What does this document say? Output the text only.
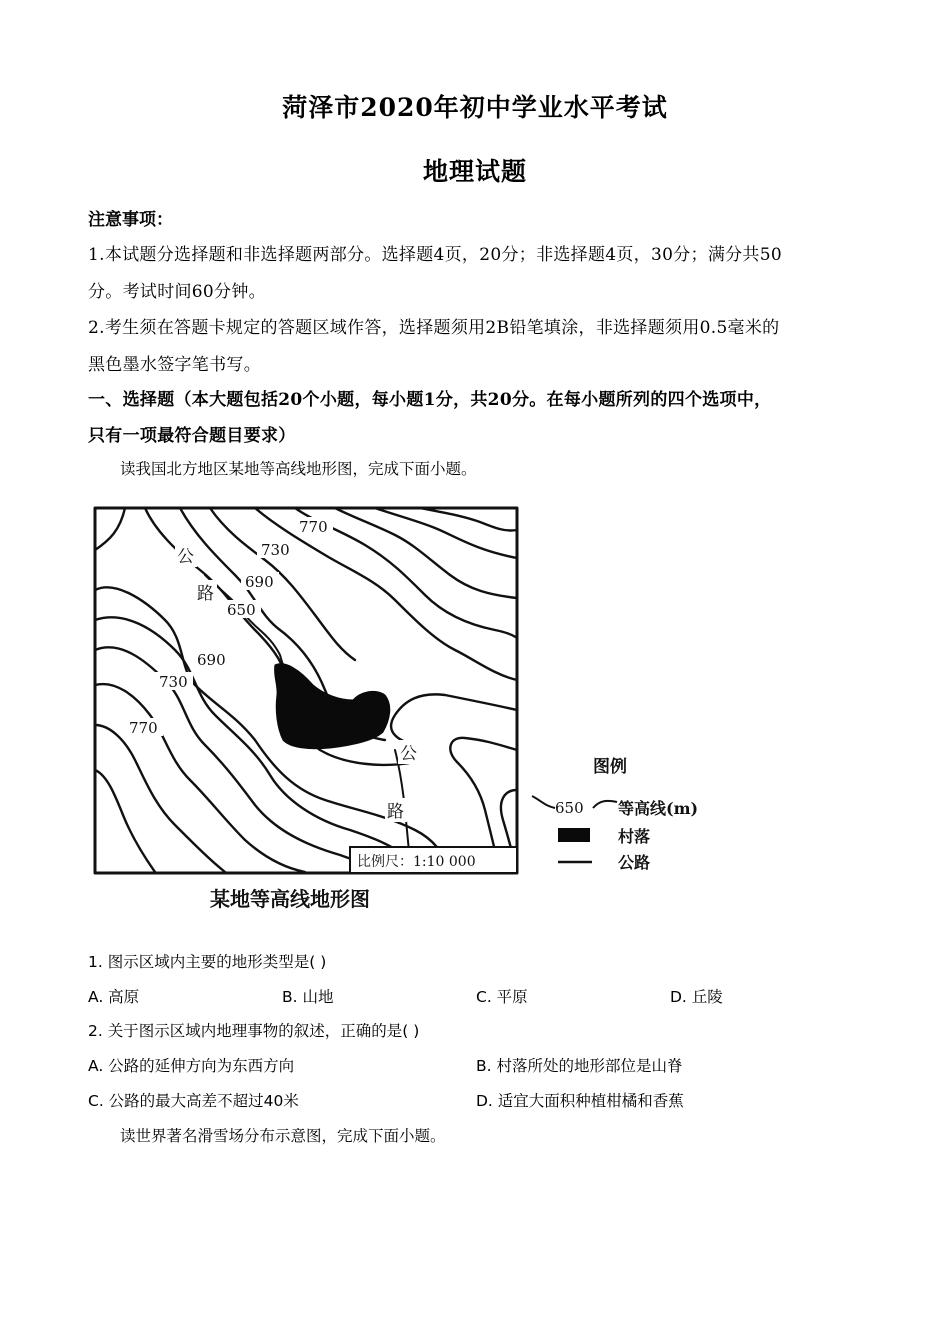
菏泽市2020年初中学业水平考试
地理试题
注意事项：
1.本试题分选择题和非选择题两部分。选择题4页，20分；非选择题4页，30分；满分共50
分。考试时间60分钟。
2.考生须在答题卡规定的答题区域作答，选择题须用2B铅笔填涂，非选择题须用0.5毫米的
黑色墨水签字笔书写。
一、选择题（本大题包括20个小题，每小题1分，共20分。在每小题所列的四个选项中，
只有一项最符合题目要求）
读我国北方地区某地等高线地形图，完成下面小题。
770
730
690
650
690
730
770
公
路
公
路
比例尺：1:10 000
某地等高线地形图
图例
650 等高线(m)
村落
公路
1. 图示区域内主要的地形类型是( )
A. 高原	B. 山地	C. 平原	D. 丘陵
2. 关于图示区域内地理事物的叙述，正确的是( )
A. 公路的延伸方向为东西方向	B. 村落所处的地形部位是山脊
C. 公路的最大高差不超过40米	D. 适宜大面积种植柑橘和香蕉
读世界著名滑雪场分布示意图，完成下面小题。
